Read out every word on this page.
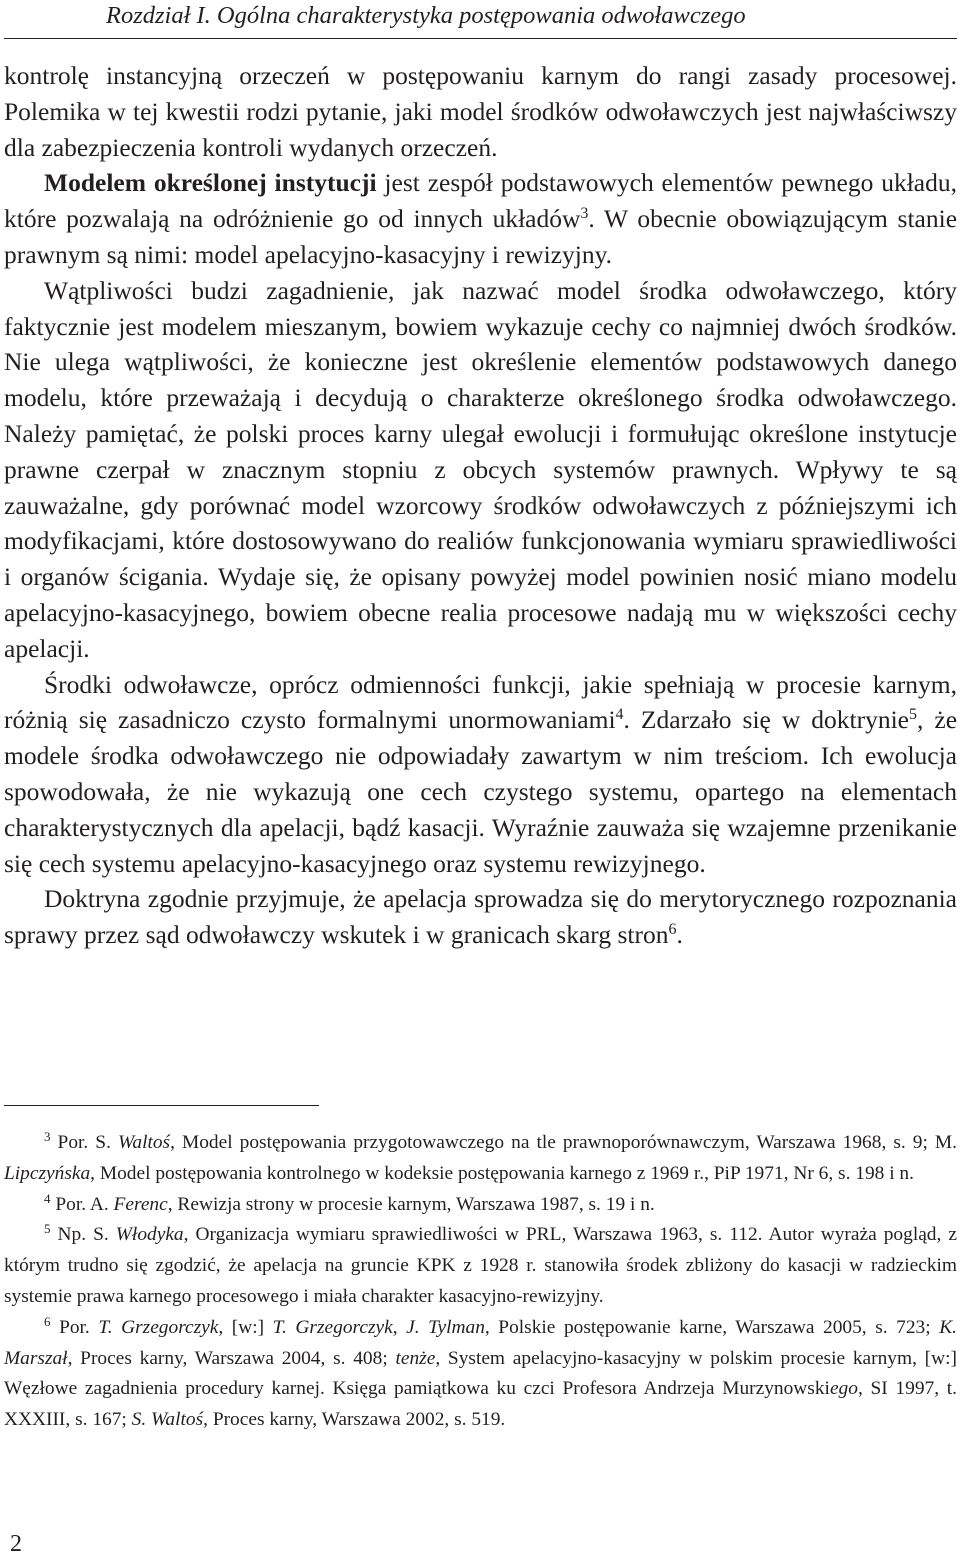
Rozdział I. Ogólna charakterystyka postępowania odwoławczego

kontrolę instancyjną orzeczeń w postępowaniu karnym do rangi zasady procesowej. Polemika w tej kwestii rodzi pytanie, jaki model środków odwoławczych jest najwłaściwszy dla zabezpieczenia kontroli wydanych orzeczeń.

Modelem określonej instytucji jest zespół podstawowych elementów pewnego układu, które pozwalają na odróżnienie go od innych układów$^3$. W obecnie obowiązującym stanie prawnym są nimi: model apelacyjno-kasacyjny i rewizyjny.

Wątpliwości budzi zagadnienie, jak nazwać model środka odwoławczego, który faktycznie jest modelem mieszanym, bowiem wykazuje cechy co najmniej dwóch środków. Nie ulega wątpliwości, że konieczne jest określenie elementów podstawowych danego modelu, które przeważają i decydują o charakterze określonego środka odwoławczego. Należy pamiętać, że polski proces karny ulegał ewolucji i formułując określone instytucje prawne czerpał w znacznym stopniu z obcych systemów prawnych. Wpływy te są zauważalne, gdy porównać model wzorcowy środków odwoławczych z późniejszymi ich modyfikacjami, które dostosowywano do realiów funkcjonowania wymiaru sprawiedliwości i organów ścigania. Wydaje się, że opisany powyżej model powinien nosić miano modelu apelacyjno-kasacyjnego, bowiem obecne realia procesowe nadają mu w większości cechy apelacji.

Środki odwoławcze, oprócz odmienności funkcji, jakie spełniają w procesie karnym, różnią się zasadniczo czysto formalnymi unormowaniami$^4$. Zdarzało się w doktrynie$^5$, że modele środka odwoławczego nie odpowiadały zawartym w nim treściom. Ich ewolucja spowodowała, że nie wykazują one cech czystego systemu, opartego na elementach charakterystycznych dla apelacji, bądź kasacji. Wyraźnie zauważa się wzajemne przenikanie się cech systemu apelacyjno-kasacyjnego oraz systemu rewizyjnego.

Doktryna zgodnie przyjmuje, że apelacja sprowadza się do merytorycznego rozpoznania sprawy przez sąd odwoławczy wskutek i w granicach skarg stron$^6$.

$^3$ Por. S. Waltoś, Model postępowania przygotowawczego na tle prawnoporównawczym, Warszawa 1968, s. 9; M. Lipczyńska, Model postępowania kontrolnego w kodeksie postępowania karnego z 1969 r., PiP 1971, Nr 6, s. 198 i n.

$^4$ Por. A. Ferenc, Rewizja strony w procesie karnym, Warszawa 1987, s. 19 i n.

$^5$ Np. S. Włodyka, Organizacja wymiaru sprawiedliwości w PRL, Warszawa 1963, s. 112. Autor wyraża pogląd, z którym trudno się zgodzić, że apelacja na gruncie KPK z 1928 r. stanowiła środek zbliżony do kasacji w radzieckim systemie prawa karnego procesowego i miała charakter kasacyjno-rewizyjny.

$^6$ Por. T. Grzegorczyk, [w:] T. Grzegorczyk, J. Tylman, Polskie postępowanie karne, Warszawa 2005, s. 723; K. Marszał, Proces karny, Warszawa 2004, s. 408; tenże, System apelacyjno-kasacyjny w polskim procesie karnym, [w:] Węzłowe zagadnienia procedury karnej. Księga pamiątkowa ku czci Profesora Andrzeja Murzynowskiego, SI 1997, t. XXXIII, s. 167; S. Waltoś, Proces karny, Warszawa 2002, s. 519.

2
